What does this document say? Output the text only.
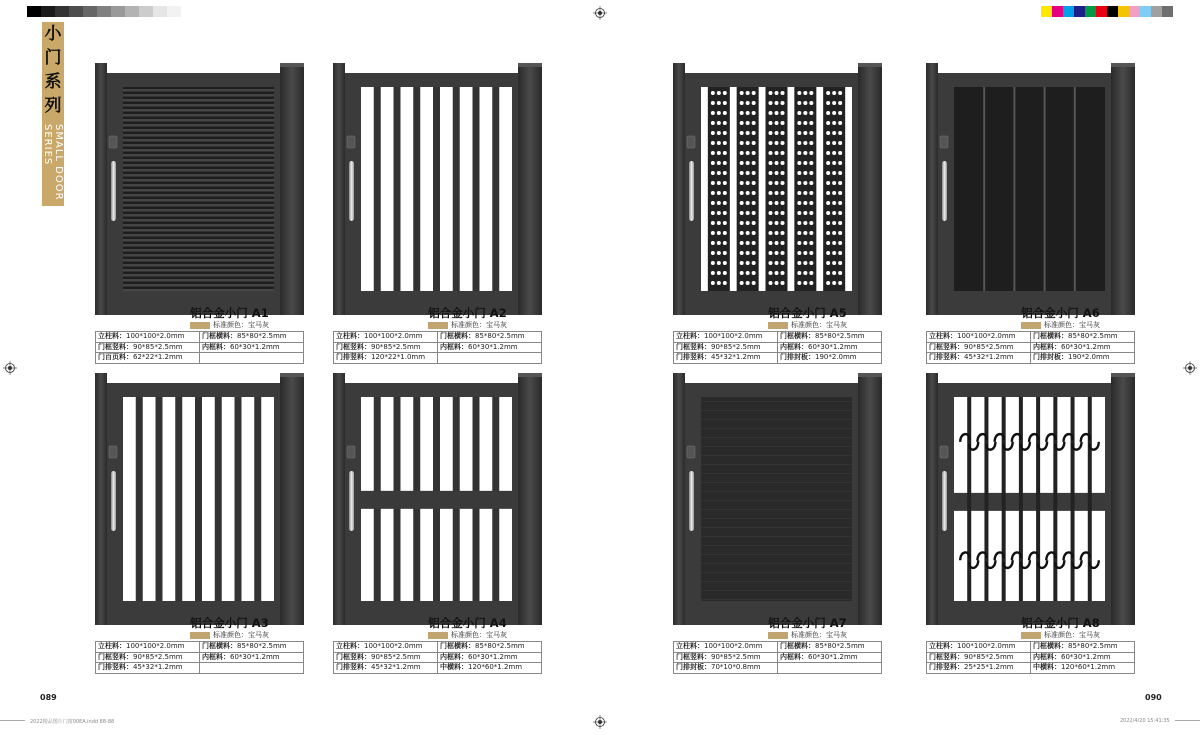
小
门
系
列
SMALL DOOR
SERIES
铝合金小门 A1
标准颜色：宝马灰
立柱料：100*100*2.0mm	门框横料：85*80*2.5mm
门框竖料：90*85*2.5mm	内框料：60*30*1.2mm
门百页料：62*22*1.2mm	
铝合金小门 A2
标准颜色：宝马灰
立柱料：100*100*2.0mm	门框横料：85*80*2.5mm
门框竖料：90*85*2.5mm	内框料：60*30*1.2mm
门排竖料：120*22*1.0mm	
铝合金小门 A5
标准颜色：宝马灰
立柱料：100*100*2.0mm	门框横料：85*80*2.5mm
门框竖料：90*85*2.5mm	内框料：60*30*1.2mm
门排竖料：45*32*1.2mm	门排封板：190*2.0mm
铝合金小门 A6
标准颜色：宝马灰
立柱料：100*100*2.0mm	门框横料：85*80*2.5mm
门框竖料：90*85*2.5mm	内框料：60*30*1.2mm
门排竖料：45*32*1.2mm	门排封板：190*2.0mm
铝合金小门 A3
标准颜色：宝马灰
立柱料：100*100*2.0mm	门框横料：85*80*2.5mm
门框竖料：90*85*2.5mm	内框料：60*30*1.2mm
门排竖料：45*32*1.2mm	
铝合金小门 A4
标准颜色：宝马灰
立柱料：100*100*2.0mm	门框横料：85*80*2.5mm
门框竖料：90*85*2.5mm	内框料：60*30*1.2mm
门排竖料：45*32*1.2mm	中横料：120*60*1.2mm
铝合金小门 A7
标准颜色：宝马灰
立柱料：100*100*2.0mm	门框横料：85*80*2.5mm
门框竖料：90*85*2.5mm	内框料：60*30*1.2mm
门排封板：70*10*0.8mm	
铝合金小门 A8
标准颜色：宝马灰
立柱料：100*100*2.0mm	门框横料：85*80*2.5mm
门框竖料：90*85*2.5mm	内框料：60*30*1.2mm
门排竖料：25*25*1.2mm	中横料：120*60*1.2mm
089	090
2022精品图片门窗00EA.indd 88-88	2022/4/20 15:41:35
